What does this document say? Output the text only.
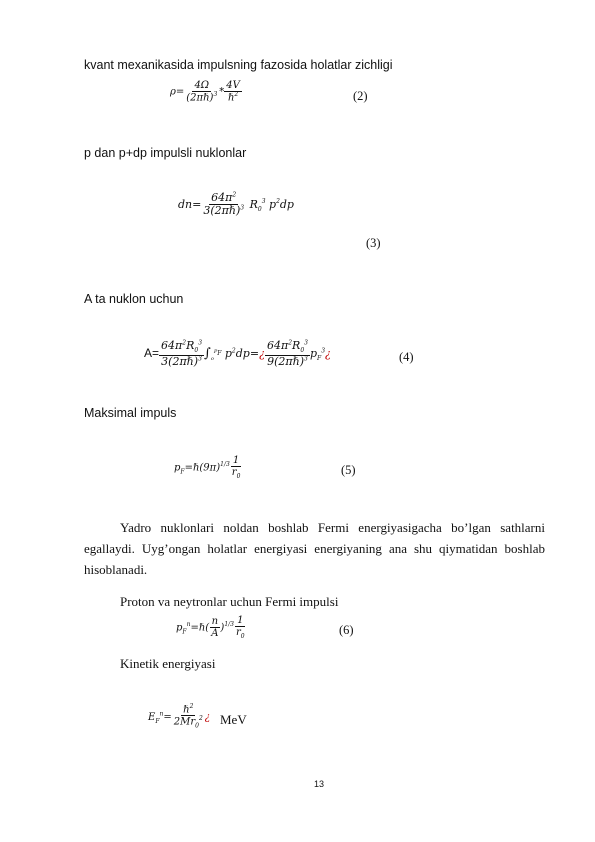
kvant mexanikasida impulsning fazosida holatlar zichligi
$\rho= \frac{4\Omega}{(2\pi\hbar)^3} * \frac{4V}{\hbar^2}$	(2)
p dan p+dp impulsli nuklonlar
$dn= \frac{64\pi^2}{3(2\pi\hbar)^3} R_0^3$ $p^2dp$
(3)
A ta nuklon uchun
$A= \frac{64\pi^2R_0^3}{3(2\pi\hbar)^3} \int_o^{P_F}$ $p^2dp=¿ \frac{64\pi^2R_0^3}{9(2\pi\hbar)^3}$ $p_F^3¿$	(4)
Maksimal impuls
$p_F=\hbar(9\pi)^{1/3} \frac{1}{r_0}$	(5)
Yadro nuklonlari noldan boshlab Fermi energiyasigacha bo’lgan sathlarni egallaydi. Uyg’ongan holatlar energiyasi energiyaning ana shu qiymatidan boshlab hisoblanadi.
Proton va neytronlar uchun Fermi impulsi
$p_F^n=\hbar( \frac{n}{A} )^{1/3} \frac{1}{r_0}$	(6)
Kinetik energiyasi
$E_F^n= \frac{\hbar^2}{2Mr_0^2}$ ¿ MeV
13
